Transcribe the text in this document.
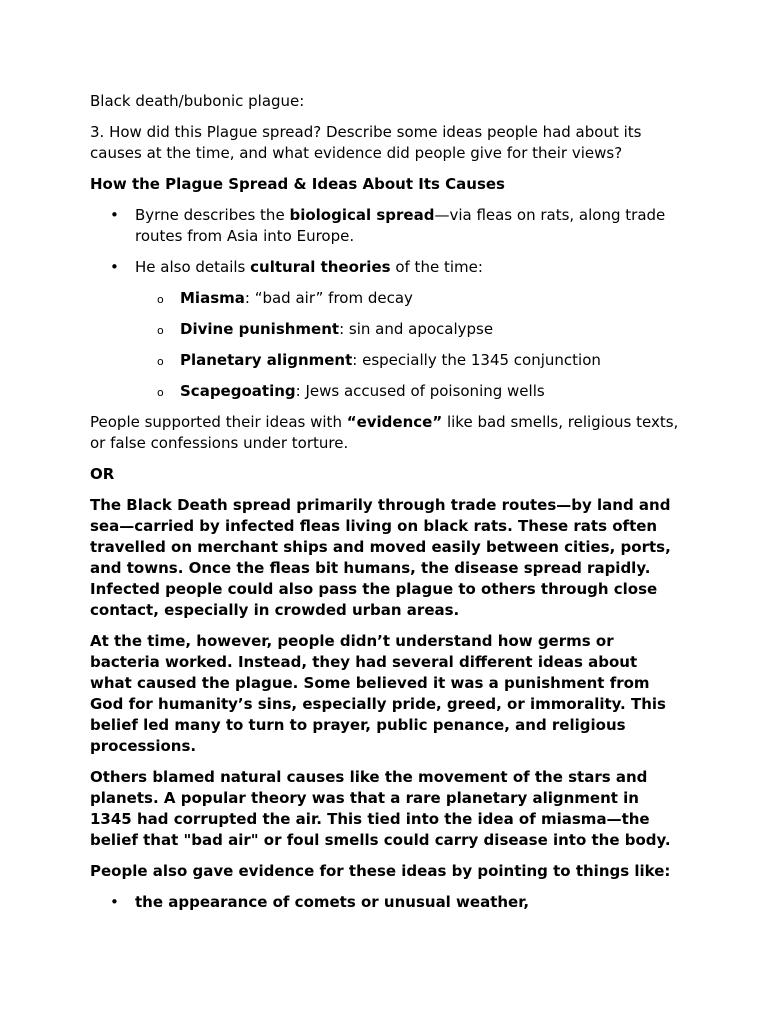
Black death/bubonic plague:

3. How did this Plague spread? Describe some ideas people had about its causes at the time, and what evidence did people give for their views?

How the Plague Spread & Ideas About Its Causes

• Byrne describes the biological spread—via fleas on rats, along trade routes from Asia into Europe.
• He also details cultural theories of the time:
o Miasma: “bad air” from decay
o Divine punishment: sin and apocalypse
o Planetary alignment: especially the 1345 conjunction
o Scapegoating: Jews accused of poisoning wells

People supported their ideas with “evidence” like bad smells, religious texts, or false confessions under torture.

OR

The Black Death spread primarily through trade routes—by land and sea—carried by infected fleas living on black rats. These rats often travelled on merchant ships and moved easily between cities, ports, and towns. Once the fleas bit humans, the disease spread rapidly. Infected people could also pass the plague to others through close contact, especially in crowded urban areas.

At the time, however, people didn’t understand how germs or bacteria worked. Instead, they had several different ideas about what caused the plague. Some believed it was a punishment from God for humanity’s sins, especially pride, greed, or immorality. This belief led many to turn to prayer, public penance, and religious processions.

Others blamed natural causes like the movement of the stars and planets. A popular theory was that a rare planetary alignment in 1345 had corrupted the air. This tied into the idea of miasma—the belief that "bad air" or foul smells could carry disease into the body.

People also gave evidence for these ideas by pointing to things like:

• the appearance of comets or unusual weather,
